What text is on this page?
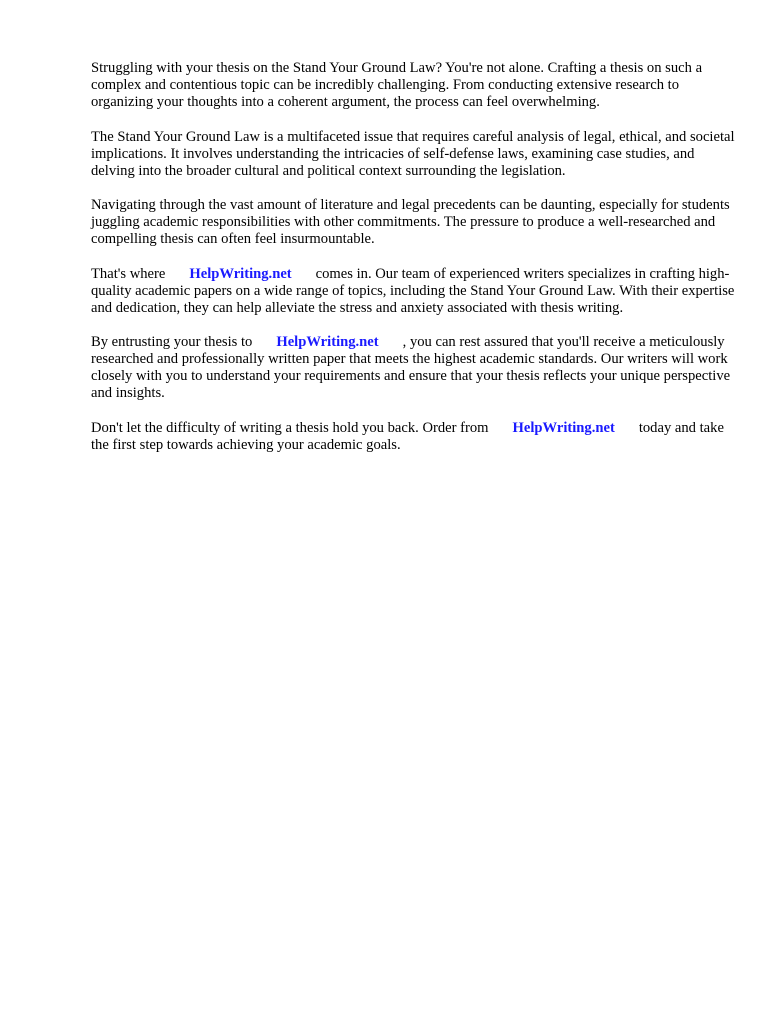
Struggling with your thesis on the Stand Your Ground Law? You're not alone. Crafting a thesis on such a complex and contentious topic can be incredibly challenging. From conducting extensive research to organizing your thoughts into a coherent argument, the process can feel overwhelming.

The Stand Your Ground Law is a multifaceted issue that requires careful analysis of legal, ethical, and societal implications. It involves understanding the intricacies of self-defense laws, examining case studies, and delving into the broader cultural and political context surrounding the legislation.

Navigating through the vast amount of literature and legal precedents can be daunting, especially for students juggling academic responsibilities with other commitments. The pressure to produce a well-researched and compelling thesis can often feel insurmountable.

That's where HelpWriting.net comes in. Our team of experienced writers specializes in crafting high-quality academic papers on a wide range of topics, including the Stand Your Ground Law. With their expertise and dedication, they can help alleviate the stress and anxiety associated with thesis writing.

By entrusting your thesis to HelpWriting.net , you can rest assured that you'll receive a meticulously researched and professionally written paper that meets the highest academic standards. Our writers will work closely with you to understand your requirements and ensure that your thesis reflects your unique perspective and insights.

Don't let the difficulty of writing a thesis hold you back. Order from HelpWriting.net today and take the first step towards achieving your academic goals.
